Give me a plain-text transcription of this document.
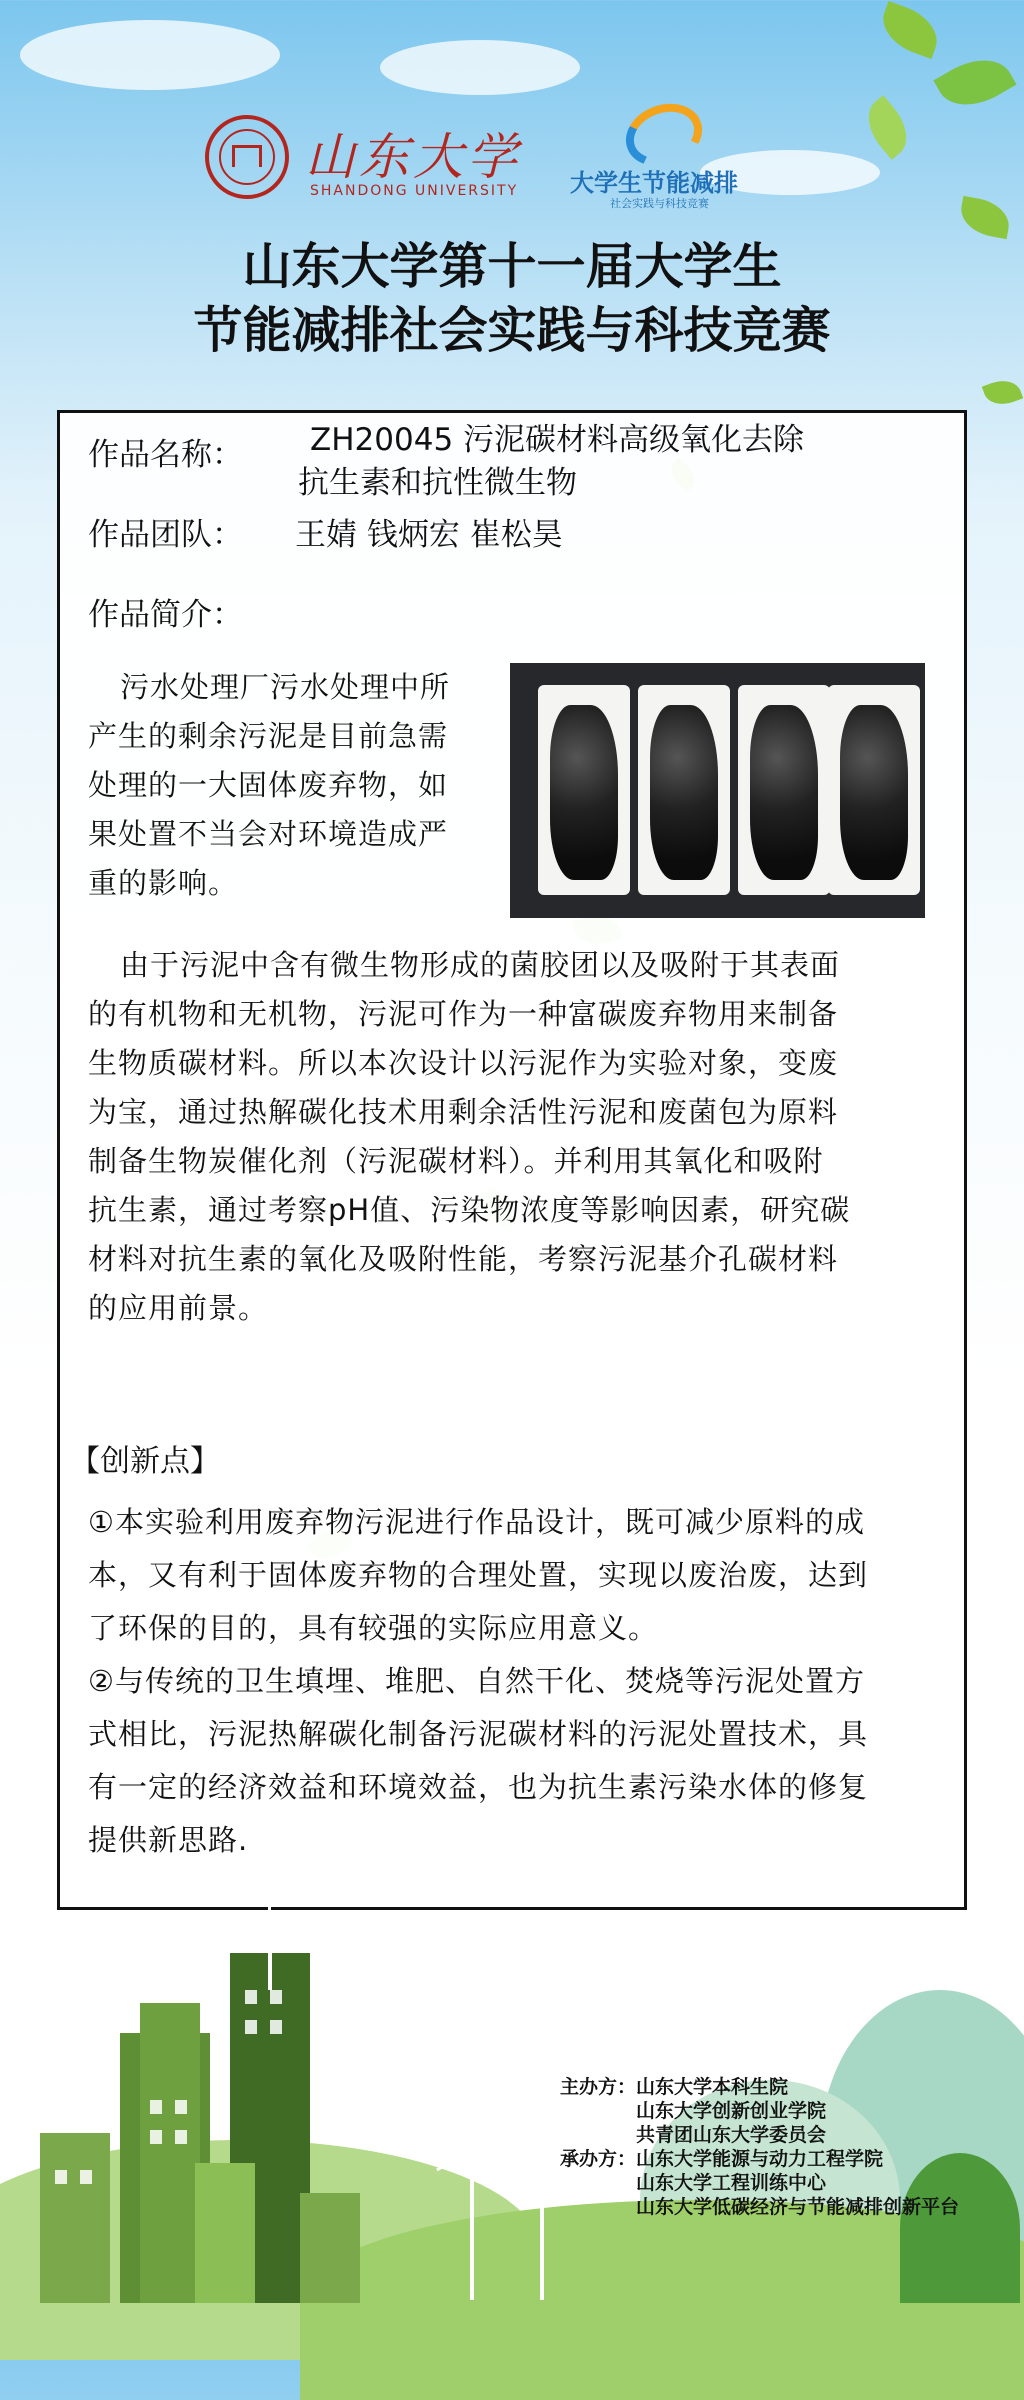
山东大学
SHANDONG UNIVERSITY 大学生节能减排
社会实践与科技竞赛
山东大学第十一届大学生
节能减排社会实践与科技竞赛
作品名称： ZH20045 污泥碳材料高级氧化去除
抗生素和抗性微生物
作品团队： 王婧 钱炳宏 崔松昊
作品简介：
污水处理厂污水处理中所
产生的剩余污泥是目前急需
处理的一大固体废弃物，如
果处置不当会对环境造成严
重的影响。
由于污泥中含有微生物形成的菌胶团以及吸附于其表面
的有机物和无机物，污泥可作为一种富碳废弃物用来制备
生物质碳材料。所以本次设计以污泥作为实验对象，变废
为宝，通过热解碳化技术用剩余活性污泥和废菌包为原料
制备生物炭催化剂（污泥碳材料）。并利用其氧化和吸附
抗生素，通过考察pH值、污染物浓度等影响因素，研究碳
材料对抗生素的氧化及吸附性能，考察污泥基介孔碳材料
的应用前景。
【创新点】
①本实验利用废弃物污泥进行作品设计，既可减少原料的成
本，又有利于固体废弃物的合理处置，实现以废治废，达到
了环保的目的，具有较强的实际应用意义。
②与传统的卫生填埋、堆肥、自然干化、焚烧等污泥处置方
式相比，污泥热解碳化制备污泥碳材料的污泥处置技术，具
有一定的经济效益和环境效益，也为抗生素污染水体的修复
提供新思路.
主办方：山东大学本科生院
山东大学创新创业学院
共青团山东大学委员会
承办方：山东大学能源与动力工程学院
山东大学工程训练中心
山东大学低碳经济与节能减排创新平台
